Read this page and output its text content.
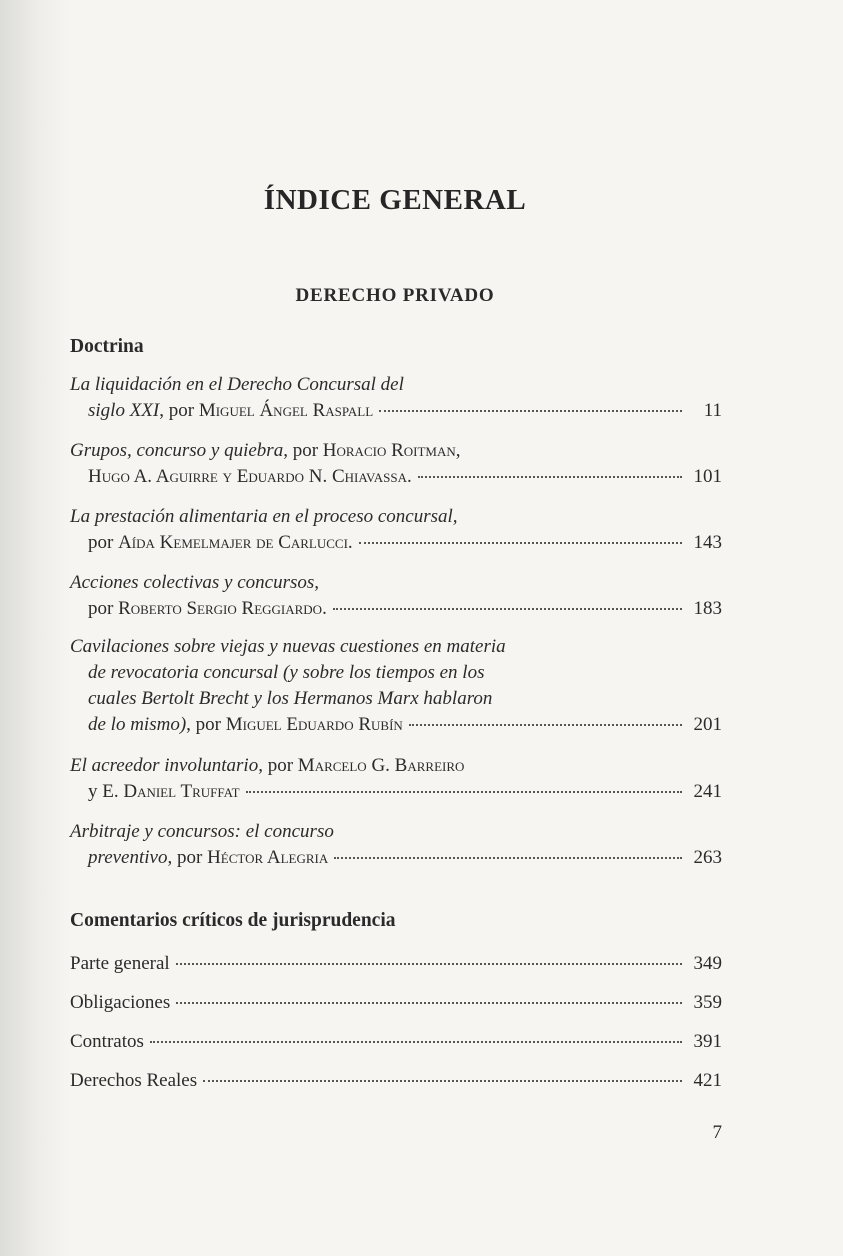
ÍNDICE GENERAL
DERECHO PRIVADO
Doctrina
La liquidación en el Derecho Concursal del
siglo XXI, por Miguel Ángel Raspall	11
Grupos, concurso y quiebra, por Horacio Roitman,
Hugo A. Aguirre y Eduardo N. Chiavassa.	101
La prestación alimentaria en el proceso concursal,
por Aída Kemelmajer de Carlucci.	143
Acciones colectivas y concursos,
por Roberto Sergio Reggiardo.	183
Cavilaciones sobre viejas y nuevas cuestiones en materia
de revocatoria concursal (y sobre los tiempos en los
cuales Bertolt Brecht y los Hermanos Marx hablaron
de lo mismo), por Miguel Eduardo Rubín	201
El acreedor involuntario, por Marcelo G. Barreiro
y E. Daniel Truffat	241
Arbitraje y concursos: el concurso
preventivo, por Héctor Alegria	263
Comentarios críticos de jurisprudencia
Parte general	349
Obligaciones	359
Contratos	391
Derechos Reales	421
7
